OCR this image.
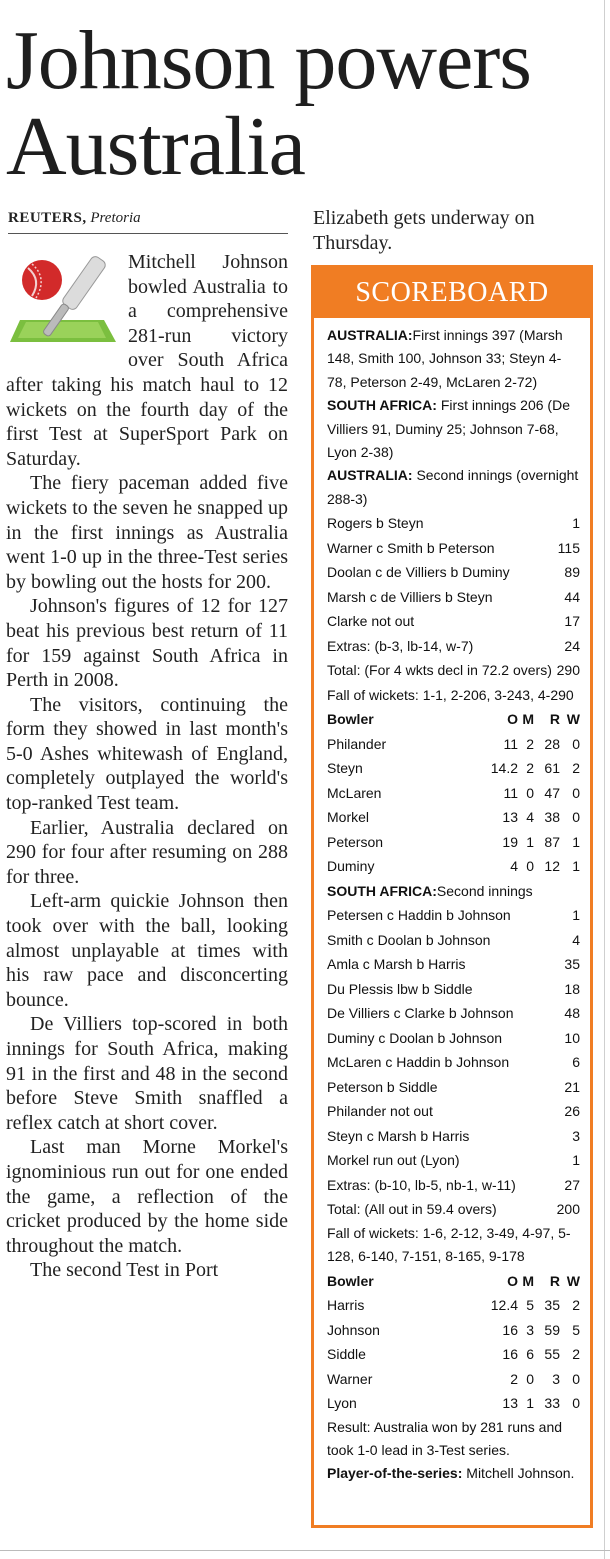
Johnson powers Australia
REUTERS, Pretoria

Mitchell Johnson bowled Australia to a comprehensive 281-run victory over South Africa after taking his match haul to 12 wickets on the fourth day of the first Test at SuperSport Park on Saturday.

The fiery paceman added five wickets to the seven he snapped up in the first innings as Australia went 1-0 up in the three-Test series by bowling out the hosts for 200.

Johnson's figures of 12 for 127 beat his previous best return of 11 for 159 against South Africa in Perth in 2008.

The visitors, continuing the form they showed in last month's 5-0 Ashes whitewash of England, completely outplayed the world's top-ranked Test team.

Earlier, Australia declared on 290 for four after resuming on 288 for three.

Left-arm quickie Johnson then took over with the ball, looking almost unplayable at times with his raw pace and disconcerting bounce.

De Villiers top-scored in both innings for South Africa, making 91 in the first and 48 in the second before Steve Smith snaffled a reflex catch at short cover.

Last man Morne Morkel's ignominious run out for one ended the game, a reflection of the cricket produced by the home side throughout the match.

The second Test in Port

Elizabeth gets underway on Thursday.
SCOREBOARD
AUSTRALIA:First innings 397 (Marsh 148, Smith 100, Johnson 33; Steyn 4-78, Peterson 2-49, McLaren 2-72)
SOUTH AFRICA: First innings 206 (De Villiers 91, Duminy 25; Johnson 7-68, Lyon 2-38)
AUSTRALIA: Second innings (overnight 288-3)
Rogers b Steyn	1
Warner c Smith b Peterson	115
Doolan c de Villiers b Duminy	89
Marsh c de Villiers b Steyn	44
Clarke not out	17
Extras: (b-3, lb-14, w-7)	24
Total: (For 4 wkts decl in 72.2 overs) 290
Fall of wickets: 1-1, 2-206, 3-243, 4-290
Bowler	O M	R W
Philander	11 2 28 0
Steyn	14.2 2 61 2
McLaren	11 0 47 0
Morkel	13 4 38 0
Peterson	19 1 87 1
Duminy	4 0 12 1
SOUTH AFRICA:Second innings
Petersen c Haddin b Johnson	1
Smith c Doolan b Johnson	4
Amla c Marsh b Harris	35
Du Plessis lbw b Siddle	18
De Villiers c Clarke b Johnson	48
Duminy c Doolan b Johnson	10
McLaren c Haddin b Johnson	6
Peterson b Siddle	21
Philander not out	26
Steyn c Marsh b Harris	3
Morkel run out (Lyon)	1
Extras: (b-10, lb-5, nb-1, w-11)	27
Total: (All out in 59.4 overs)	200
Fall of wickets: 1-6, 2-12, 3-49, 4-97, 5-128, 6-140, 7-151, 8-165, 9-178
Bowler	O M	R W
Harris	12.4 5 35 2
Johnson	16 3 59 5
Siddle	16 6 55 2
Warner	2 0	3 0
Lyon	13 1 33 0
Result: Australia won by 281 runs and took 1-0 lead in 3-Test series.
Player-of-the-series: Mitchell Johnson.
